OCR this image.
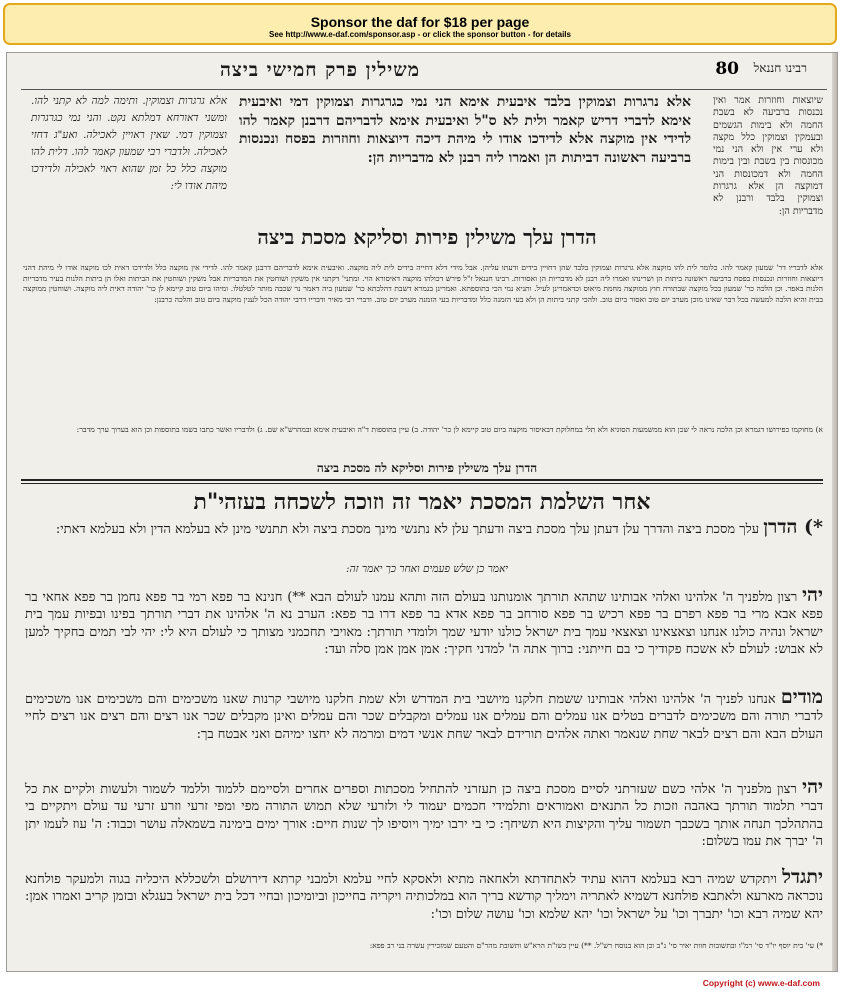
Sponsor the daf for $18 per page
See http://www.e-daf.com/sponsor.asp - or click the sponsor button - for details
משילין פרק חמישי ביצה	80 רבינו חננאל
אלא נרגרות וצמוקין בלבד איבעית אימא הני נמי כגרגרות וצמוקין דמי ואיבעית אימא לדברי דריש קאמר ולית לא ס"ל ואיבעית אימא לדבריהם דרבנן קאמר להו לדידי אין מוקצה אלא לדידכו אודו לי מיהת דיכה דיוצאות וחוזרות בפסח ונכנסות ברביעה ראשונה דביתות הן ואמרו ליה רבנן לא מדבריות הן:
אלא גרגרות וצמוקין. ותימה למה לא קתני להו. ומשני דאורחא דמלתא נקט. והני נמי כגרגרות וצמוקין דמי. שאין ראויין לאכילה. ואע"ג דחזי לאכילה. ולדברי רבי שמעון קאמר להו. דלית להו מוקצה כלל כל זמן שהוא ראוי לאכילה ולדידכו מיהת אודו לי:
שיוצאות וחוזרות אמר ואין נכנסות ברביעה לא בשבת החמה ולא בימות הגשמים ובעמקין וצמוקין כלל מקצה ולא ערי אין ולא הני נמי מכונסות בין בשבת ובין בימות החמה ולא דמכונסות הני דמוקצה הן אלא גרגרות וצמוקין בלבד ורבנן לא מדבריות הן:
הדרן עלך משילין פירות וסליקא מסכת ביצה
אלא לדבריו דר' שמעון קאמר להו. כלומר לית להו מוקצה אלא גרגרות וצמוקין בלבד שהן דחויין בידים ודעתו עליהן. אבל מידי דלא דחייה בידים לית ליה מוקצה. ואיבעית אימא לדבריהם דרבנן קאמר להו. לדידי אין מוקצה כלל ולדידכו דאית לכו מוקצה אודו לי מיהת דהני דיוצאות וחוזרות ונכנסות בפסח ברביעה ראשונה ביתות הן ושרינהו ואמרו ליה רבנן לא מדבריות הן ואסורות. רבינו חננאל ז"ל פירש דכולהו מוקצה דאיסורא הוי. ומתני' דקתני אין משקין ושוחטין את המדבריות אבל משקין ושוחטין את הביתות ואלו הן ביתות הלנות בעיר מדבריות הלנות באפר. וכן הלכה כר' שמעון בכל מוקצה שבתורה חוץ ממוקצה מחמת מיאוס וכדאמרינן לעיל. ותניא נמי הכי בתוספתא. ואמרינן בגמרא דשבת דהלכתא כר' שמעון ביה דאמר נר שכבה מותר לטלטלו. ומיהו ביום טוב קיימא לן כר' יהודה דאית ליה מוקצה. ושוחטין ממוקצה בבית והיא הלכה למעשה בכל דבר שאינו מוכן מערב יום טוב ואסור ביום טוב. ולהכי קתני ביתות הן ולא בעי הזמנה כלל ומדבריות בעי הזמנה מערב יום טוב. ודברי רבי מאיר ודבריו דרבי יהודה הכל לענין מוקצה ביום טוב והלכה כרבנן:
א) מחוקמו כפירושו דגמרא וכן הלכה נראה לי שכן הוא ממשמעות הסוגיא ולא תלי במחלוקת דבאיסור מוקצה ביום טוב קיימא לן כר' יהודה. ב) עיין בתוספות ד"ה ואיבעית אימא ובמהרש"א שם. ג) ולדבריו ואשר כתבו בשמו בתוספות וכן הוא בערוך ערך מדבר:
הדרן עלך משילין פירות וסליקא לה מסכת ביצה
אחר השלמת המסכת יאמר זה וזוכה לשכחה בעזהי"ת
*) הדרן עלך מסכת ביצה והדרך עלן דעתן עלך מסכת ביצה ודעתך עלן לא נתנשי מינך מסכת ביצה ולא תתנשי מינן לא בעלמא הדין ולא בעלמא דאתי:
יאמר כן שלש פעמים ואחר כך יאמר זה:
יהי רצון מלפניך ה' אלהינו ואלהי אבותינו שתהא תורתך אומנותנו בעולם הזה ותהא עמנו לעולם הבא **) חנינא בר פפא רמי בר פפא נחמן בר פפא אחאי בר פפא אבא מרי בר פפא רפרם בר פפא רכיש בר פפא סורחב בר פפא אדא בר פפא דרו בר פפא: הערב נא ה' אלהינו את דברי תורתך בפינו ובפיות עמך בית ישראל ונהיה כולנו אנחנו וצאצאינו וצאצאי עמך בית ישראל כולנו יודעי שמך ולומדי תורתך: מאויבי תחכמני מצותך כי לעולם היא לי: יהי לבי תמים בחקיך למען לא אבוש: לעולם לא אשכח פקודיך כי בם חייתני: ברוך אתה ה' למדני חקיך: אמן אמן אמן סלה ועד:
מודים אנחנו לפניך ה' אלהינו ואלהי אבותינו ששמת חלקנו מיושבי בית המדרש ולא שמת חלקנו מיושבי קרנות שאנו משכימים והם משכימים אנו משכימים לדברי תורה והם משכימים לדברים בטלים אנו עמלים והם עמלים אנו עמלים ומקבלים שכר והם עמלים ואינן מקבלים שכר אנו רצים והם רצים אנו רצים לחיי העולם הבא והם רצים לבאר שחת שנאמר ואתה אלהים תורידם לבאר שחת אנשי דמים ומרמה לא יחצו ימיהם ואני אבטח בך:
יהי רצון מלפניך ה' אלהי כשם שעזרתני לסיים מסכת ביצה כן תעזרני להתחיל מסכתות וספרים אחרים ולסיימם ללמוד וללמד לשמור ולעשות ולקיים את כל דברי תלמוד תורתך באהבה וזכות כל התנאים ואמוראים ותלמידי חכמים יעמוד לי ולזרעי שלא תמוש התורה מפי ומפי זרעי וזרע זרעי עד עולם ויתקיים בי בהתהלכך תנחה אותך בשכבך תשמור עליך והקיצות היא תשיחך: כי בי ירבו ימיך ויוסיפו לך שנות חיים: אורך ימים בימינה בשמאלה עושר וכבוד: ה' עוז לעמו יתן ה' יברך את עמו בשלום:
יתגדל ויתקדש שמיה רבא בעלמא דהוא עתיד לאתחדתא ולאחאה מתיא ולאסקא לחיי עלמא ולמבני קרתא דירושלם ולשכללא היכליה בגוה ולמעקר פולחנא נוכראה מארעא ולאתבא פולחנא דשמיא לאתריה וימליך קודשא בריך הוא במלכותיה ויקריה בחייכון וביומיכון ובחיי דכל בית ישראל בעגלא ובזמן קריב ואמרו אמן: יהא שמיה רבא וכו' יתברך וכו' על ישראל וכו' יהא שלמא וכו' עושה שלום וכו':
*) עי' בית יוסף יו"ד סי' רמ"ו ובתשובות חוות יאיר סי' נ"ב וכן הוא בנוסח רש"ל. **) עיין בשו"ת הרא"ש ותשובת מהר"ם והטעם שמזכירין עשרה בני רב פפא:
Copyright (c) www.e-daf.com
